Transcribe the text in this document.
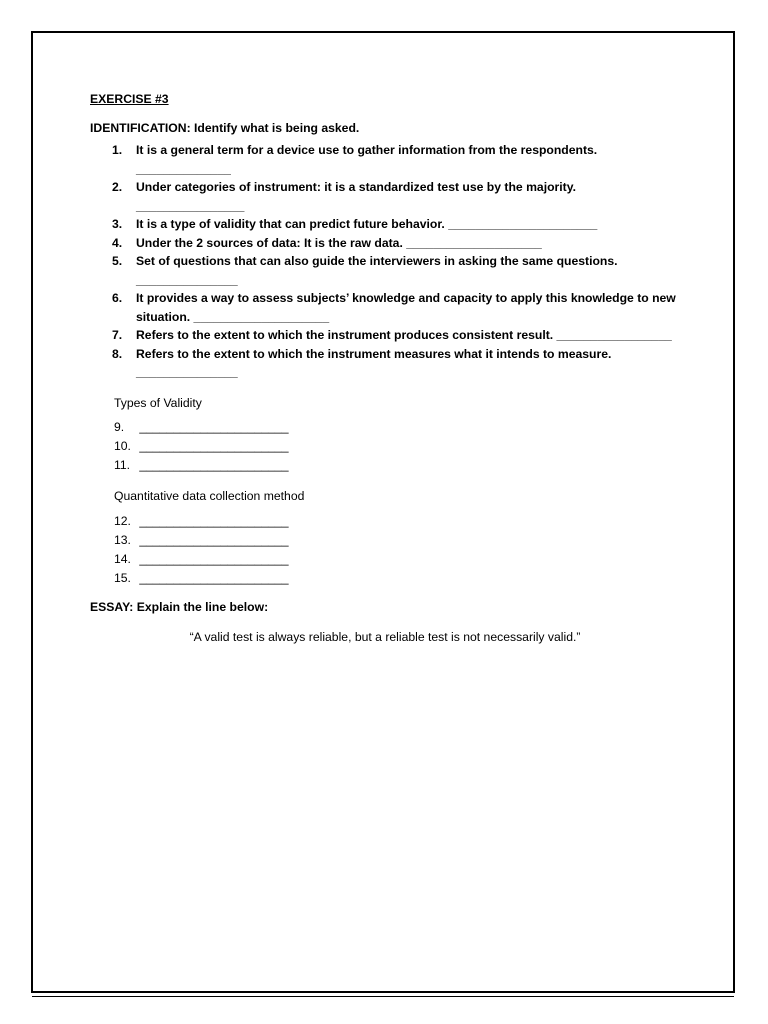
EXERCISE #3

IDENTIFICATION: Identify what is being asked.

1. It is a general term for a device use to gather information from the respondents.
______________
2. Under categories of instrument: it is a standardized test use by the majority.
________________
3. It is a type of validity that can predict future behavior. ______________________
4. Under the 2 sources of data: It is the raw data. ____________________
5. Set of questions that can also guide the interviewers in asking the same questions.
_______________
6. It provides a way to assess subjects’ knowledge and capacity to apply this knowledge to new situation. ____________________
7. Refers to the extent to which the instrument produces consistent result. _________________
8. Refers to the extent to which the instrument measures what it intends to measure.
_______________

Types of Validity

9. ______________________
10. ______________________
11. ______________________

Quantitative data collection method

12. ______________________
13. ______________________
14. ______________________
15. ______________________

ESSAY: Explain the line below:

“A valid test is always reliable, but a reliable test is not necessarily valid.”
